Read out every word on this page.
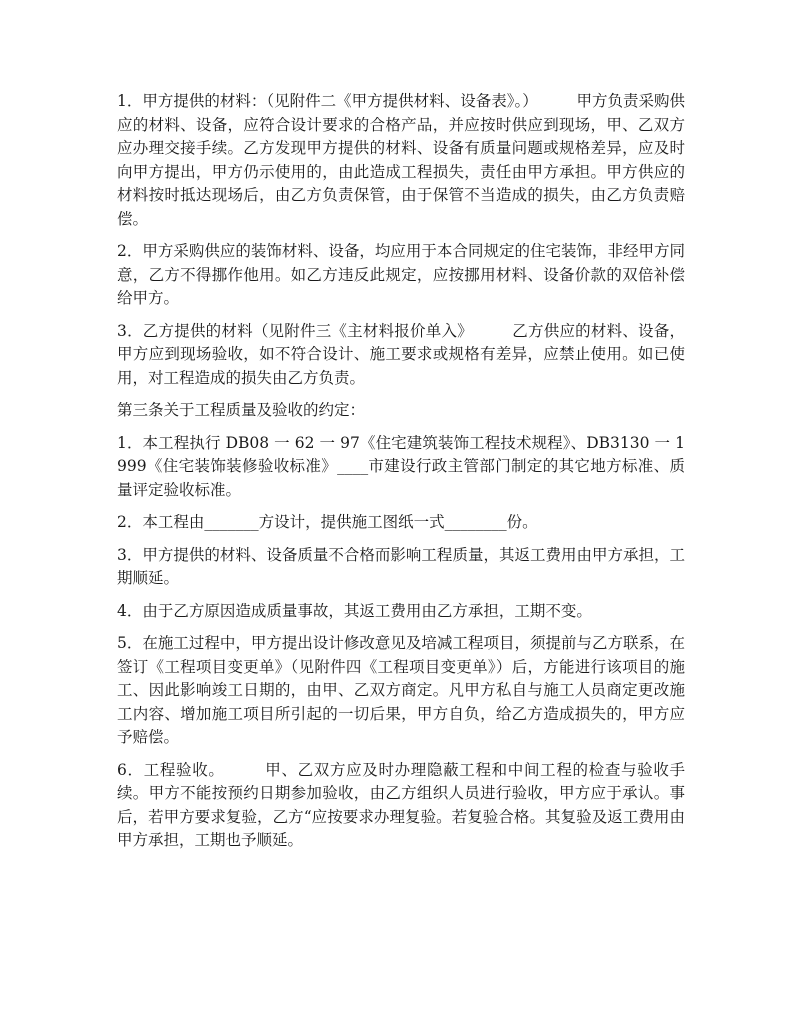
1．甲方提供的材料：（见附件二《甲方提供材料、设备表》。）　　　甲方负责采购供应的材料、设备，应符合设计要求的合格产品，并应按时供应到现场，甲、乙双方应办理交接手续。乙方发现甲方提供的材料、设备有质量问题或规格差异，应及时向甲方提出，甲方仍示使用的，由此造成工程损失，责任由甲方承担。甲方供应的材料按时抵达现场后，由乙方负责保管，由于保管不当造成的损失，由乙方负责赔偿。

2．甲方采购供应的装饰材料、设备，均应用于本合同规定的住宅装饰，非经甲方同意，乙方不得挪作他用。如乙方违反此规定，应按挪用材料、设备价款的双倍补偿给甲方。

3．乙方提供的材料（见附件三《主材料报价单入》　　　乙方供应的材料、设备，甲方应到现场验收，如不符合设计、施工要求或规格有差异，应禁止使用。如已使用，对工程造成的损失由乙方负责。

第三条关于工程质量及验收的约定：

1．本工程执行 DB08 一 62 一 97《住宅建筑装饰工程技术规程》、DB3130 一 1999《住宅装饰装修验收标准》____市建设行政主管部门制定的其它地方标准、质量评定验收标准。

2．本工程由_______方设计，提供施工图纸一式________份。

3．甲方提供的材料、设备质量不合格而影响工程质量，其返工费用由甲方承担，工期顺延。

4．由于乙方原因造成质量事故，其返工费用由乙方承担，工期不变。

5．在施工过程中，甲方提出设计修改意见及培减工程项目，须提前与乙方联系，在签订《工程项目变更单》（见附件四《工程项目变更单》）后，方能进行该项目的施工、因此影响竣工日期的，由甲、乙双方商定。凡甲方私自与施工人员商定更改施工内容、增加施工项目所引起的一切后果，甲方自负，给乙方造成损失的，甲方应予赔偿。

6．工程验收。　　　甲、乙双方应及时办理隐蔽工程和中间工程的检查与验收手续。甲方不能按预约日期参加验收，由乙方组织人员进行验收，甲方应于承认。事后，若甲方要求复验，乙方“应按要求办理复验。若复验合格。其复验及返工费用由甲方承担，工期也予顺延。
